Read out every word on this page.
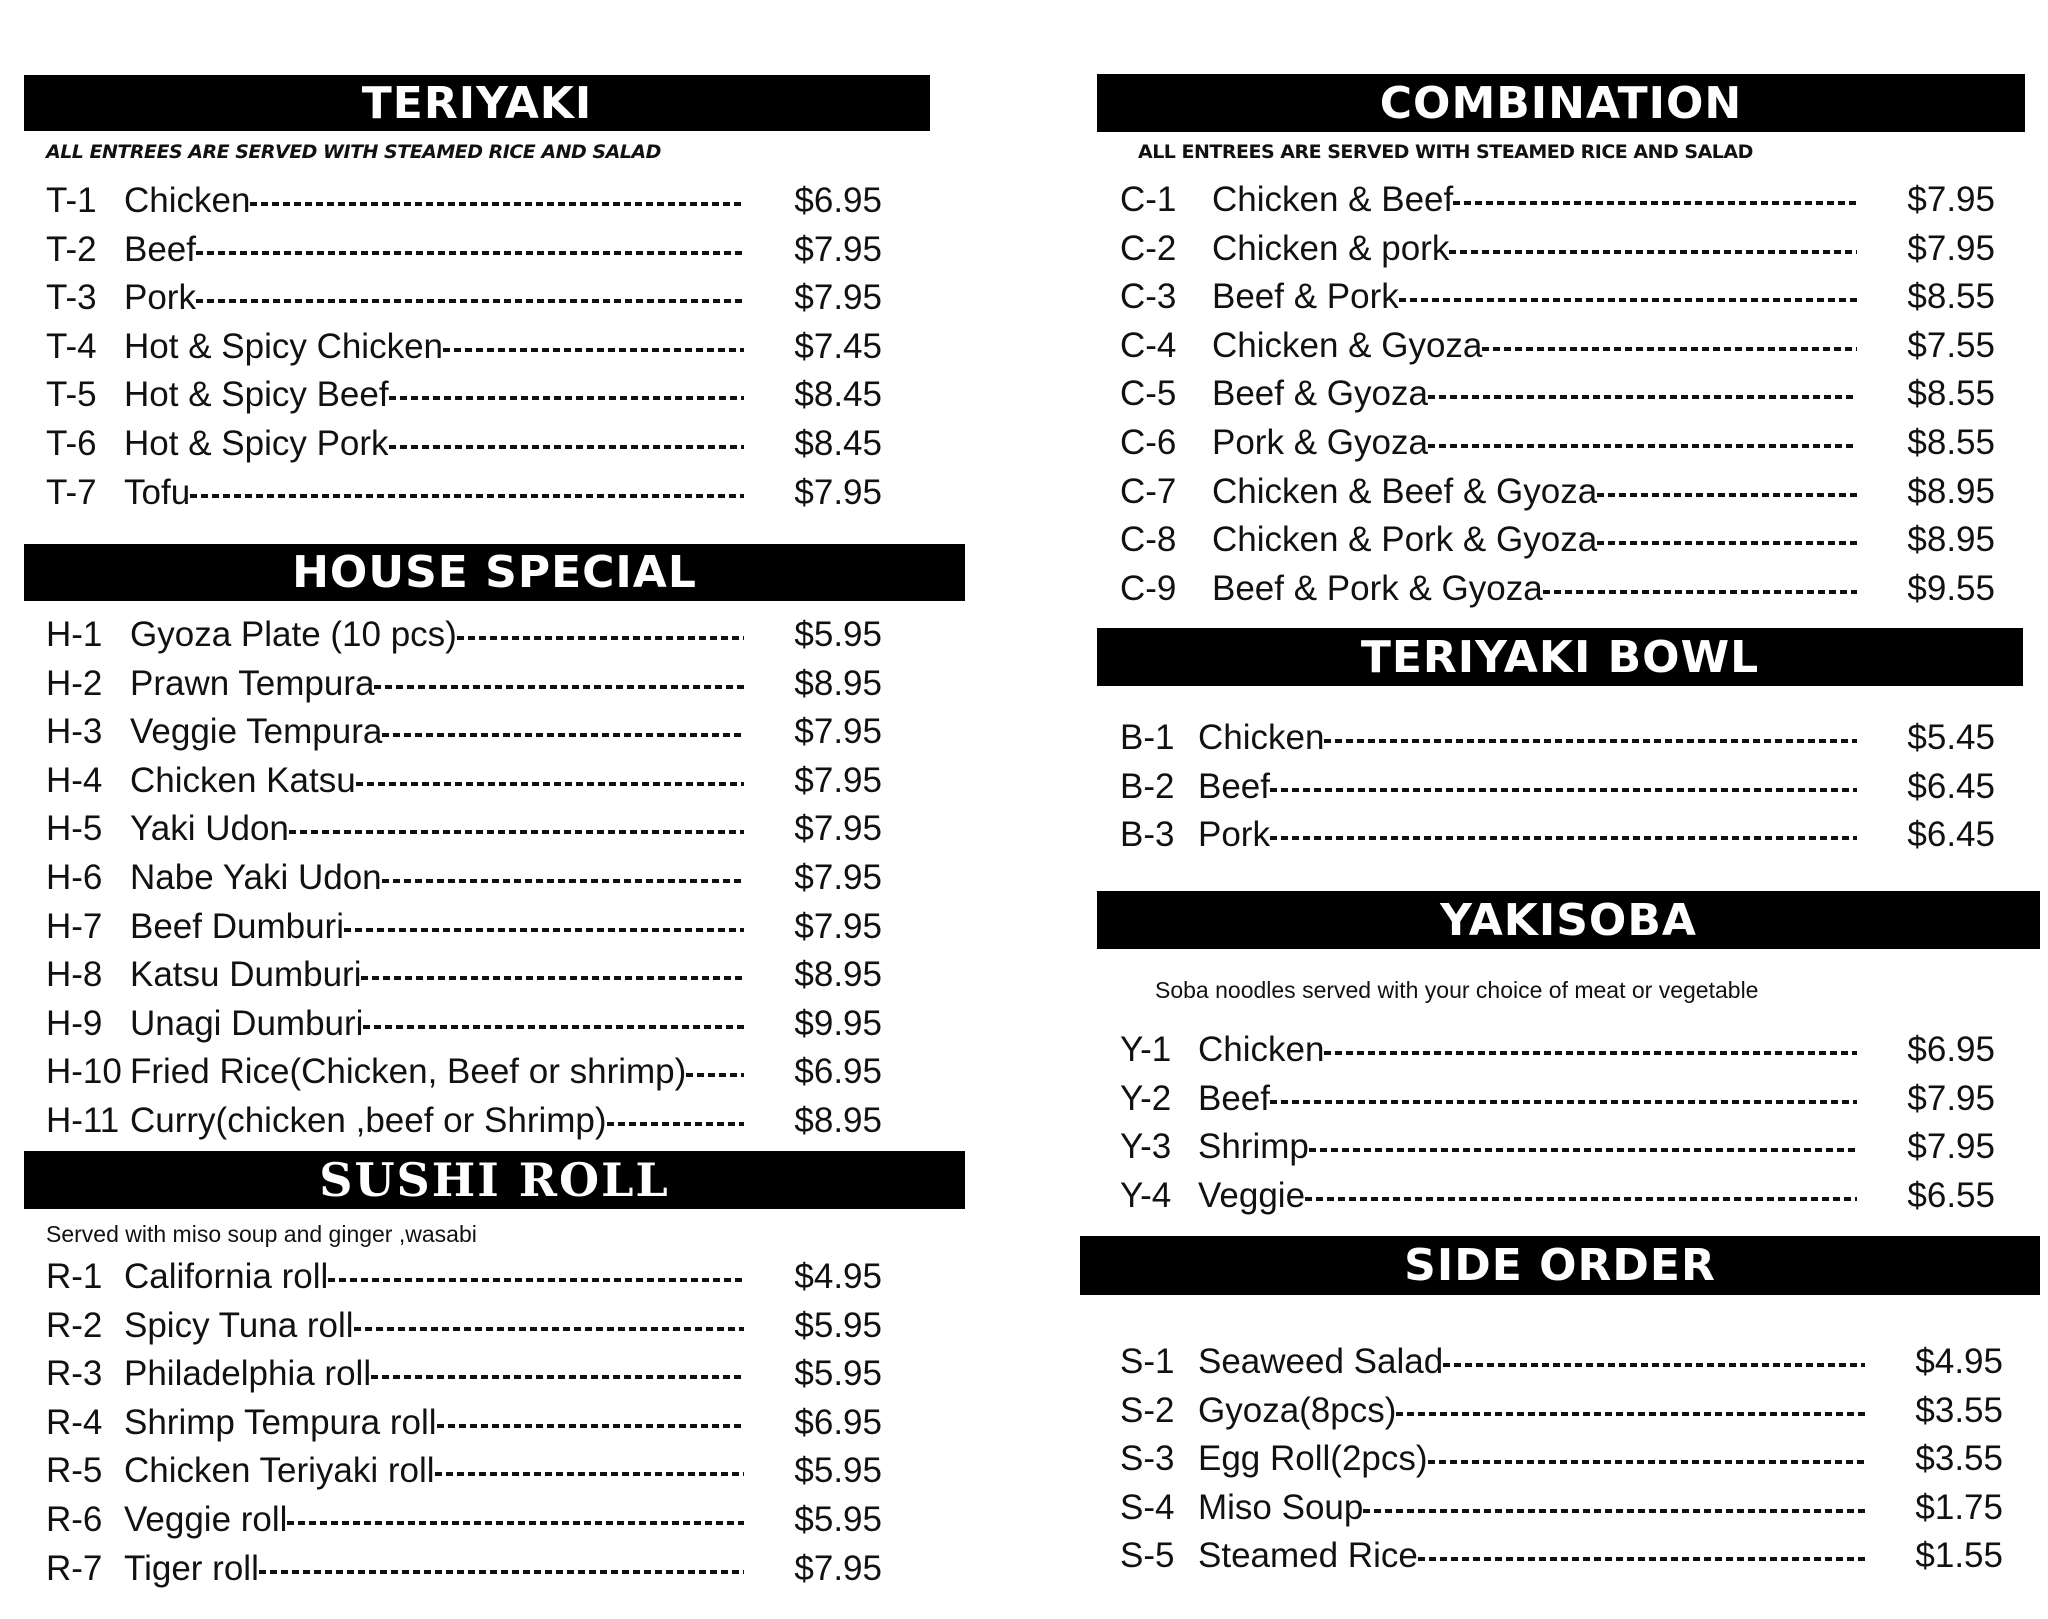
TERIYAKI
ALL ENTREES ARE SERVED WITH STEAMED RICE AND SALAD
T-1 Chicken	$6.95
T-2 Beef	$7.95
T-3 Pork	$7.95
T-4 Hot & Spicy Chicken	$7.45
T-5 Hot & Spicy Beef	$8.45
T-6 Hot & Spicy Pork	$8.45
T-7 Tofu	$7.95
HOUSE SPECIAL
H-1 Gyoza Plate (10 pcs)	$5.95
H-2 Prawn Tempura	$8.95
H-3 Veggie Tempura	$7.95
H-4 Chicken Katsu	$7.95
H-5 Yaki Udon	$7.95
H-6 Nabe Yaki Udon	$7.95
H-7 Beef Dumburi	$7.95
H-8 Katsu Dumburi	$8.95
H-9 Unagi Dumburi	$9.95
H-10 Fried Rice(Chicken, Beef or shrimp)	$6.95
H-11 Curry(chicken ,beef or Shrimp)	$8.95
SUSHI ROLL
Served with miso soup and ginger ,wasabi
R-1 California roll	$4.95
R-2 Spicy Tuna roll	$5.95
R-3 Philadelphia roll	$5.95
R-4 Shrimp Tempura roll	$6.95
R-5 Chicken Teriyaki roll	$5.95
R-6 Veggie roll	$5.95
R-7 Tiger roll	$7.95
COMBINATION
ALL ENTREES ARE SERVED WITH STEAMED RICE AND SALAD
C-1	Chicken & Beef	$7.95
C-2	Chicken & pork	$7.95
C-3	Beef & Pork	$8.55
C-4	Chicken & Gyoza	$7.55
C-5	Beef & Gyoza	$8.55
C-6	Pork & Gyoza	$8.55
C-7	Chicken & Beef & Gyoza	$8.95
C-8	Chicken & Pork & Gyoza	$8.95
C-9	Beef & Pork & Gyoza	$9.55
TERIYAKI BOWL
B-1 Chicken	$5.45
B-2 Beef	$6.45
B-3 Pork	$6.45
YAKISOBA
Soba noodles served with your choice of meat or vegetable
Y-1 Chicken	$6.95
Y-2 Beef	$7.95
Y-3 Shrimp	$7.95
Y-4 Veggie	$6.55
SIDE ORDER
S-1 Seaweed Salad	$4.95
S-2 Gyoza(8pcs)	$3.55
S-3 Egg Roll(2pcs)	$3.55
S-4 Miso Soup	$1.75
S-5 Steamed Rice	$1.55
